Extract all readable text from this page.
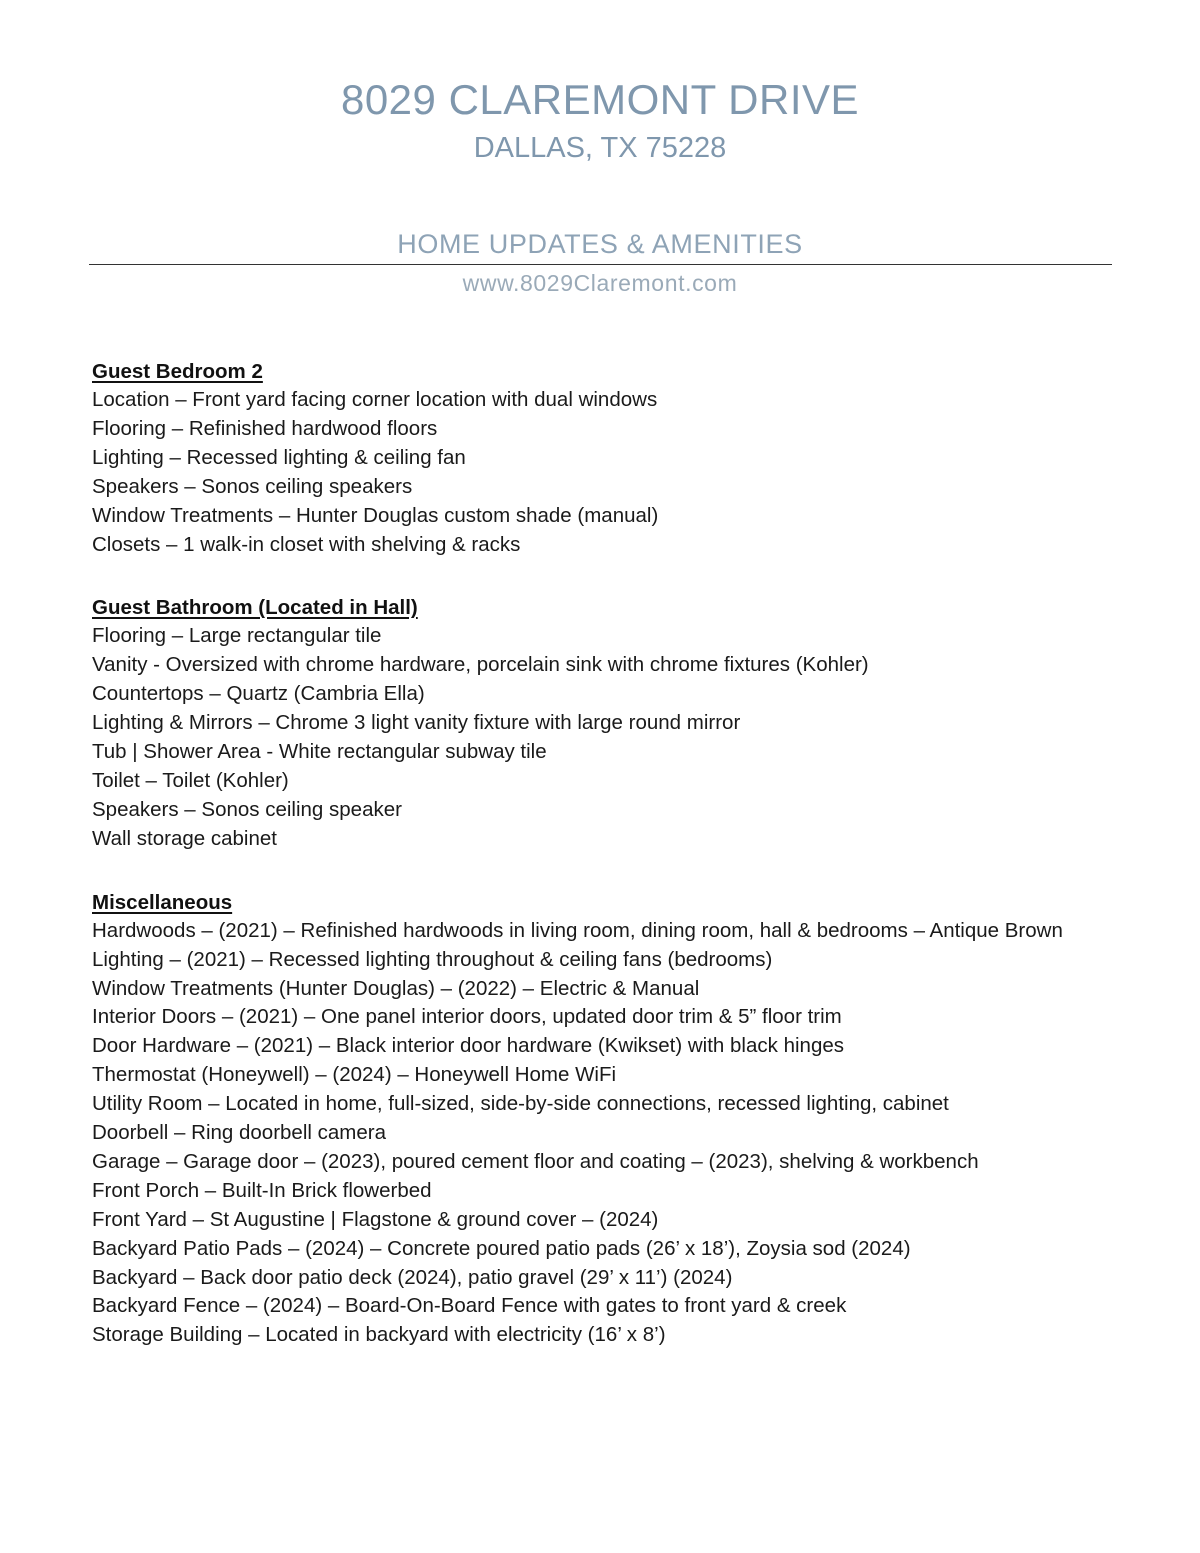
8029 CLAREMONT DRIVE
DALLAS, TX 75228
HOME UPDATES & AMENITIES
www.8029Claremont.com
Guest Bedroom 2
Location – Front yard facing corner location with dual windows
Flooring – Refinished hardwood floors
Lighting – Recessed lighting & ceiling fan
Speakers – Sonos ceiling speakers
Window Treatments – Hunter Douglas custom shade (manual)
Closets – 1 walk-in closet with shelving & racks
Guest Bathroom (Located in Hall)
Flooring – Large rectangular tile
Vanity - Oversized with chrome hardware, porcelain sink with chrome fixtures (Kohler)
Countertops – Quartz (Cambria Ella)
Lighting & Mirrors – Chrome 3 light vanity fixture with large round mirror
Tub | Shower Area - White rectangular subway tile
Toilet – Toilet (Kohler)
Speakers – Sonos ceiling speaker
Wall storage cabinet
Miscellaneous
Hardwoods – (2021) – Refinished hardwoods in living room, dining room, hall & bedrooms – Antique Brown
Lighting – (2021) – Recessed lighting throughout & ceiling fans (bedrooms)
Window Treatments (Hunter Douglas) – (2022) – Electric & Manual
Interior Doors – (2021) – One panel interior doors, updated door trim & 5” floor trim
Door Hardware – (2021) – Black interior door hardware (Kwikset) with black hinges
Thermostat (Honeywell) – (2024) – Honeywell Home WiFi
Utility Room – Located in home, full-sized, side-by-side connections, recessed lighting, cabinet
Doorbell – Ring doorbell camera
Garage – Garage door – (2023), poured cement floor and coating – (2023), shelving & workbench
Front Porch – Built-In Brick flowerbed
Front Yard – St Augustine | Flagstone & ground cover – (2024)
Backyard Patio Pads – (2024) – Concrete poured patio pads (26’ x 18’), Zoysia sod (2024)
Backyard – Back door patio deck (2024), patio gravel (29’ x 11’) (2024)
Backyard Fence – (2024) – Board-On-Board Fence with gates to front yard & creek
Storage Building – Located in backyard with electricity (16’ x 8’)
